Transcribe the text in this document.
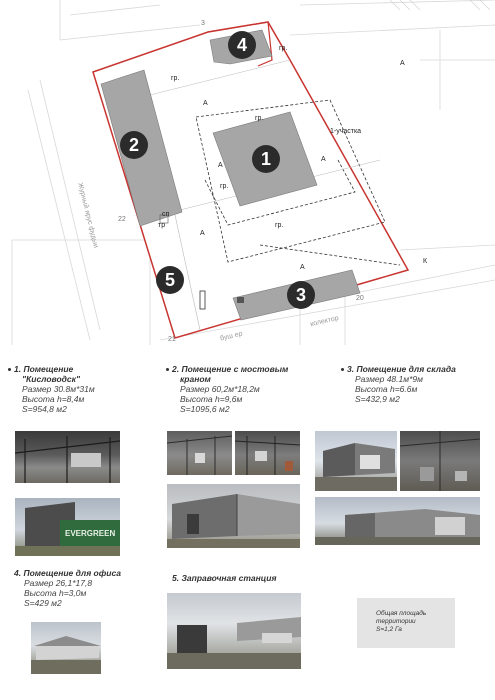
1
2
3
4
5
гр.
гр.
гр.
гр.
гр.
А
А
А
А
А
А
1-участка
тр
сп
К
Журный ярус фудыи
буш ер
колектор
22
21
20
3
1. Помещение
"Кисловодск"
Размер 30.8м*31м
Высота h=8,4м
S=954,8 м2
2. Помещение с мостовым
краном
Размер 60,2м*18,2м
Высота h=9,6м
S=1095,6 м2
3. Помещение для склада
Размер 48.1м*9м
Высота h=6.6м
S=432,9 м2
4. Помещение для офиса
Размер 26,1*17,8
Высота h=3,0м
S=429 м2
5. Заправочная станция
EVERGREEN
Общая площадь
территории
S=1,2 Га
